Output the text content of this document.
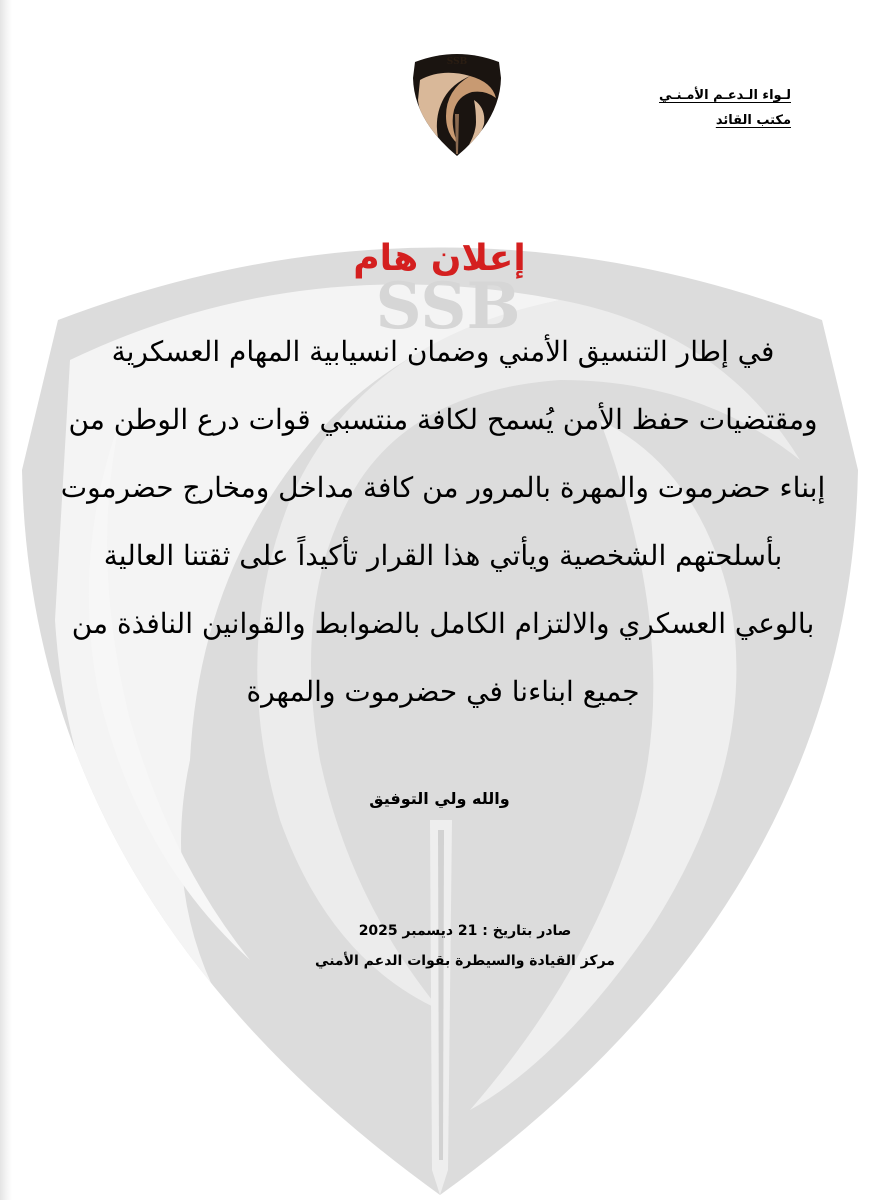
SSB
SSB
لـواء الـدعـم الأمـنـي
مكتب القائد
إعلان هام
في إطار التنسيق الأمني وضمان انسيابية المهام العسكرية
ومقتضيات حفظ الأمن يُسمح لكافة منتسبي قوات درع الوطن من
إبناء حضرموت والمهرة بالمرور من كافة مداخل ومخارج حضرموت
بأسلحتهم الشخصية ويأتي هذا القرار تأكيداً على ثقتنا العالية
بالوعي العسكري والالتزام الكامل بالضوابط والقوانين النافذة من
جميع ابناءنا في حضرموت والمهرة
والله ولي التوفيق
صادر بتاريخ : 21 ديسمبر 2025
مركز القيادة والسيطرة بقوات الدعم الأمني
